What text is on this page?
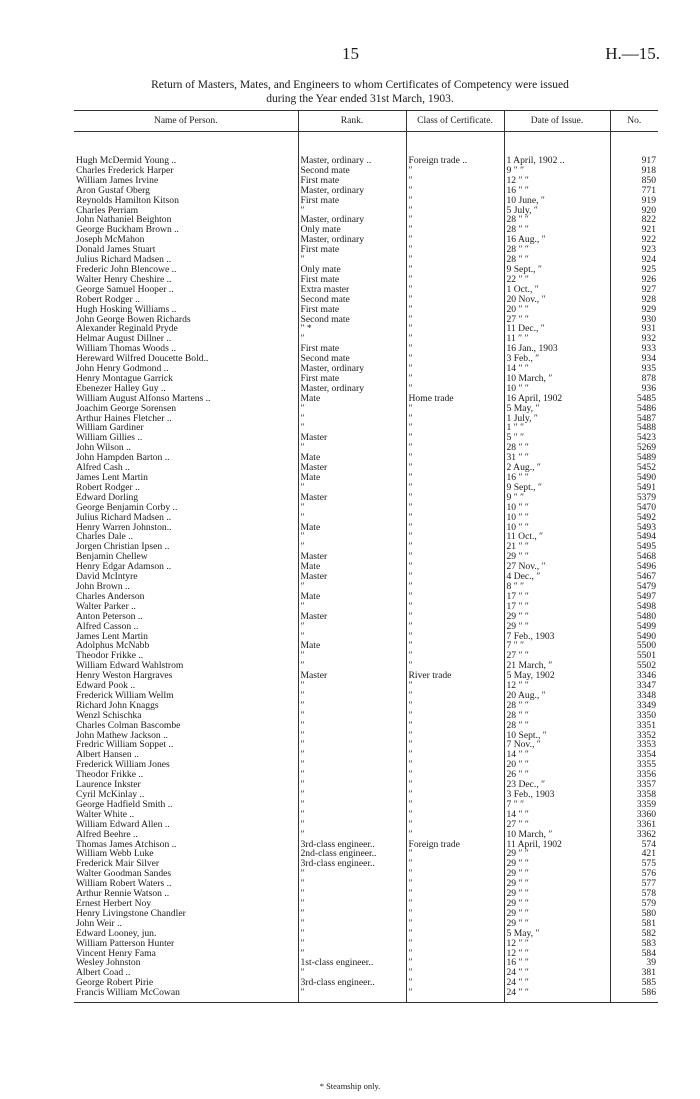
15	H.—15.
Return of Masters, Mates, and Engineers to whom Certificates of Competency were issued
during the Year ended 31st March, 1903.
Name of Person.	Rank.	Class of Certificate.	Date of Issue.	No.

Hugh McDermid Young ..	Master, ordinary ..	Foreign trade ..	1 April, 1902 ..	917
Charles Frederick Harper	Second mate	″	9 ″ ″	918
William James Irvine	First mate	″	12 ″ ″	850
Aron Gustaf Oberg	Master, ordinary	″	16 ″ ″	771
Reynolds Hamilton Kitson	First mate	″	10 June, ″	919
Charles Perriam	″	″	5 July, ″	920
John Nathaniel Beighton	Master, ordinary	″	28 ″ ″	822
George Buckham Brown ..	Only mate	″	28 ″ ″	921
Joseph McMahon	Master, ordinary	″	16 Aug., ″	922
Donald James Stuart	First mate	″	28 ″ ″	923
Julius Richard Madsen ..	″	″	28 ″ ″	924
Frederic John Blencowe ..	Only mate	″	9 Sept., ″	925
Walter Henry Cheshire ..	First mate	″	22 ″ ″	926
George Samuel Hooper ..	Extra master	″	1 Oct., ″	927
Robert Rodger ..	Second mate	″	20 Nov., ″	928
Hugh Hosking Williams ..	First mate	″	20 ″ ″	929
John George Bowen Richards	Second mate	″	27 ″ ″	930
Alexander Reginald Pryde	″ *	″	11 Dec., ″	931
Helmar August Dillner ..	″	″	11 ″ ″	932
William Thomas Woods ..	First mate	″	16 Jan., 1903	933
Hereward Wilfred Doucette Bold..	Second mate	″	3 Feb., ″	934
John Henry Godmond ..	Master, ordinary	″	14 ″ ″	935
Henry Montague Garrick	First mate	″	10 March, ″	878
Ebenezer Halley Guy ..	Master, ordinary	″	10 ″ ″	936
William August Alfonso Martens ..	Mate	Home trade	16 April, 1902	5485
Joachim George Sorensen	″	″	5 May, ″	5486
Arthur Haines Fletcher ..	″	″	1 July, ″	5487
William Gardiner	″	″	1 ″ ″	5488
William Gillies ..	Master	″	5 ″ ″	5423
John Wilson ..	″	″	28 ″ ″	5269
John Hampden Barton ..	Mate	″	31 ″ ″	5489
Alfred Cash ..	Master	″	2 Aug., ″	5452
James Lent Martin	Mate	″	16 ″ ″	5490
Robert Rodger ..	″	″	9 Sept., ″	5491
Edward Dorling	Master	″	9 ″ ″	5379
George Benjamin Corby ..	″	″	10 ″ ″	5470
Julius Richard Madsen ..	″	″	10 ″ ″	5492
Henry Warren Johnston..	Mate	″	10 ″ ″	5493
Charles Dale ..	″	″	11 Oct., ″	5494
Jorgen Christian Ipsen ..	″	″	21 ″ ″	5495
Benjamin Chellew	Master	″	29 ″ ″	5468
Henry Edgar Adamson ..	Mate	″	27 Nov., ″	5496
David McIntyre	Master	″	4 Dec., ″	5467
John Brown ..	″	″	8 ″ ″	5479
Charles Anderson	Mate	″	17 ″ ″	5497
Walter Parker ..	″	″	17 ″ ″	5498
Anton Peterson ..	Master	″	29 ″ ″	5480
Alfred Casson ..	″	″	29 ″ ″	5499
James Lent Martin	″	″	7 Feb., 1903	5490
Adolphus McNabb	Mate	″	7 ″ ″	5500
Theodor Frikke ..	″	″	27 ″ ″	5501
William Edward Wahlstrom	″	″	21 March, ″	5502
Henry Weston Hargraves	Master	River trade	5 May, 1902	3346
Edward Pook ..	″	″	12 ″ ″	3347
Frederick William Wellm	″	″	20 Aug., ″	3348
Richard John Knaggs	″	″	28 ″ ″	3349
Wenzl Schischka	″	″	28 ″ ″	3350
Charles Colman Bascombe	″	″	28 ″ ″	3351
John Mathew Jackson ..	″	″	10 Sept., ″	3352
Fredric William Soppet ..	″	″	7 Nov., ″	3353
Albert Hansen ..	″	″	14 ″ ″	3354
Frederick William Jones	″	″	20 ″ ″	3355
Theodor Frikke ..	″	″	26 ″ ″	3356
Laurence Inkster	″	″	23 Dec., ″	3357
Cyril McKinlay ..	″	″	3 Feb., 1903	3358
George Hadfield Smith ..	″	″	7 ″ ″	3359
Walter White ..	″	″	14 ″ ″	3360
William Edward Allen ..	″	″	27 ″ ″	3361
Alfred Beehre ..	″	″	10 March, ″	3362
Thomas James Atchison ..	3rd-class engineer..	Foreign trade	11 April, 1902	574
William Webb Luke	2nd-class engineer..	″	29 ″ ″	421
Frederick Mair Silver	3rd-class engineer..	″	29 ″ ″	575
Walter Goodman Sandes	″	″	29 ″ ″	576
William Robert Waters ..	″	″	29 ″ ″	577
Arthur Rennie Watson ..	″	″	29 ″ ″	578
Ernest Herbert Noy	″	″	29 ″ ″	579
Henry Livingstone Chandler	″	″	29 ″ ″	580
John Weir ..	″	″	29 ″ ″	581
Edward Looney, jun.	″	″	5 May, ″	582
William Patterson Hunter	″	″	12 ″ ″	583
Vincent Henry Fama	″	″	12 ″ ″	584
Wesley Johnston	1st-class engineer..	″	16 ″ ″	39
Albert Coad ..	″	″	24 ″ ″	381
George Robert Pirie	3rd-class engineer..	″	24 ″ ″	585
Francis William McCowan	″	″	24 ″ ″	586

* Steamship only.
